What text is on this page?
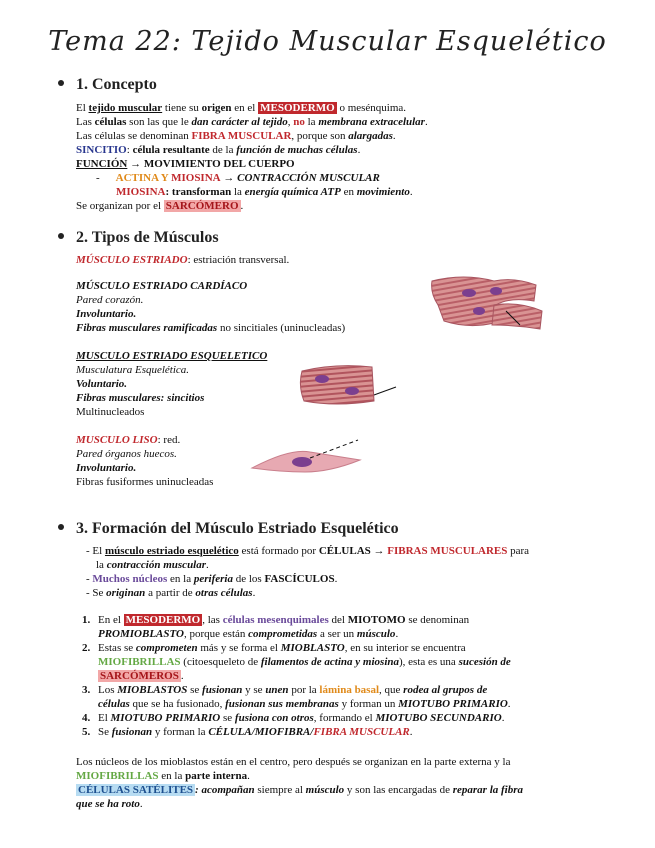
Tema 22: Tejido Muscular Esquelético
1. Concepto

El tejido muscular tiene su origen en el MESODERMO o mesénquima.

Las células son las que le dan carácter al tejido, no la membrana extracelular.

Las células se denominan FIBRA MUSCULAR, porque son alargadas.

SINCITIO: célula resultante de la función de muchas células.

FUNCIÓN → MOVIMIENTO DEL CUERPO

- ACTINA Y MIOSINA → CONTRACCIÓN MUSCULAR

MIOSINA: transforman la energía química ATP en movimiento.

Se organizan por el SARCÓMERO .

2. Tipos de Músculos

MÚSCULO ESTRIADO: estriación transversal.

MÚSCULO ESTRIADO CARDÍACO

Pared corazón.

Involuntario.

Fibras musculares ramificadas no sincitiales (uninucleadas)

MUSCULO ESTRIADO ESQUELETICO

Musculatura Esquelética.

Voluntario.

Fibras musculares: sincitios

Multinucleados

MUSCULO LISO: red.

Pared órganos huecos.

Involuntario.

Fibras fusiformes uninucleadas

3. Formación del Músculo Estriado Esquelético

- El músculo estriado esquelético está formado por CÉLULAS → FIBRAS MUSCULARES para

la contracción muscular.

- Muchos núcleos en la periferia de los FASCÍCULOS.

- Se originan a partir de otras células.

1. En el MESODERMO , las células mesenquimales del MIOTOMO se denominan

PROMIOBLASTO, porque están comprometidas a ser un músculo.

2. Estas se comprometen más y se forma el MIOBLASTO, en su interior se encuentra

MIOFIBRILLAS (citoesqueleto de filamentos de actina y miosina), esta es una sucesión de

SARCÓMEROS .

3. Los MIOBLASTOS se fusionan y se unen por la lámina basal, que rodea al grupos de

células que se ha fusionado, fusionan sus membranas y forman un MIOTUBO PRIMARIO.

4. El MIOTUBO PRIMARIO se fusiona con otros, formando el MIOTUBO SECUNDARIO.

5. Se fusionan y forman la CÉLULA/MIOFIBRA/FIBRA MUSCULAR.

Los núcleos de los mioblastos están en el centro, pero después se organizan en la parte externa y la

MIOFIBRILLAS en la parte interna.

CÉLULAS SATÉLITES : acompañan siempre al músculo y son las encargadas de reparar la fibra

que se ha roto.
